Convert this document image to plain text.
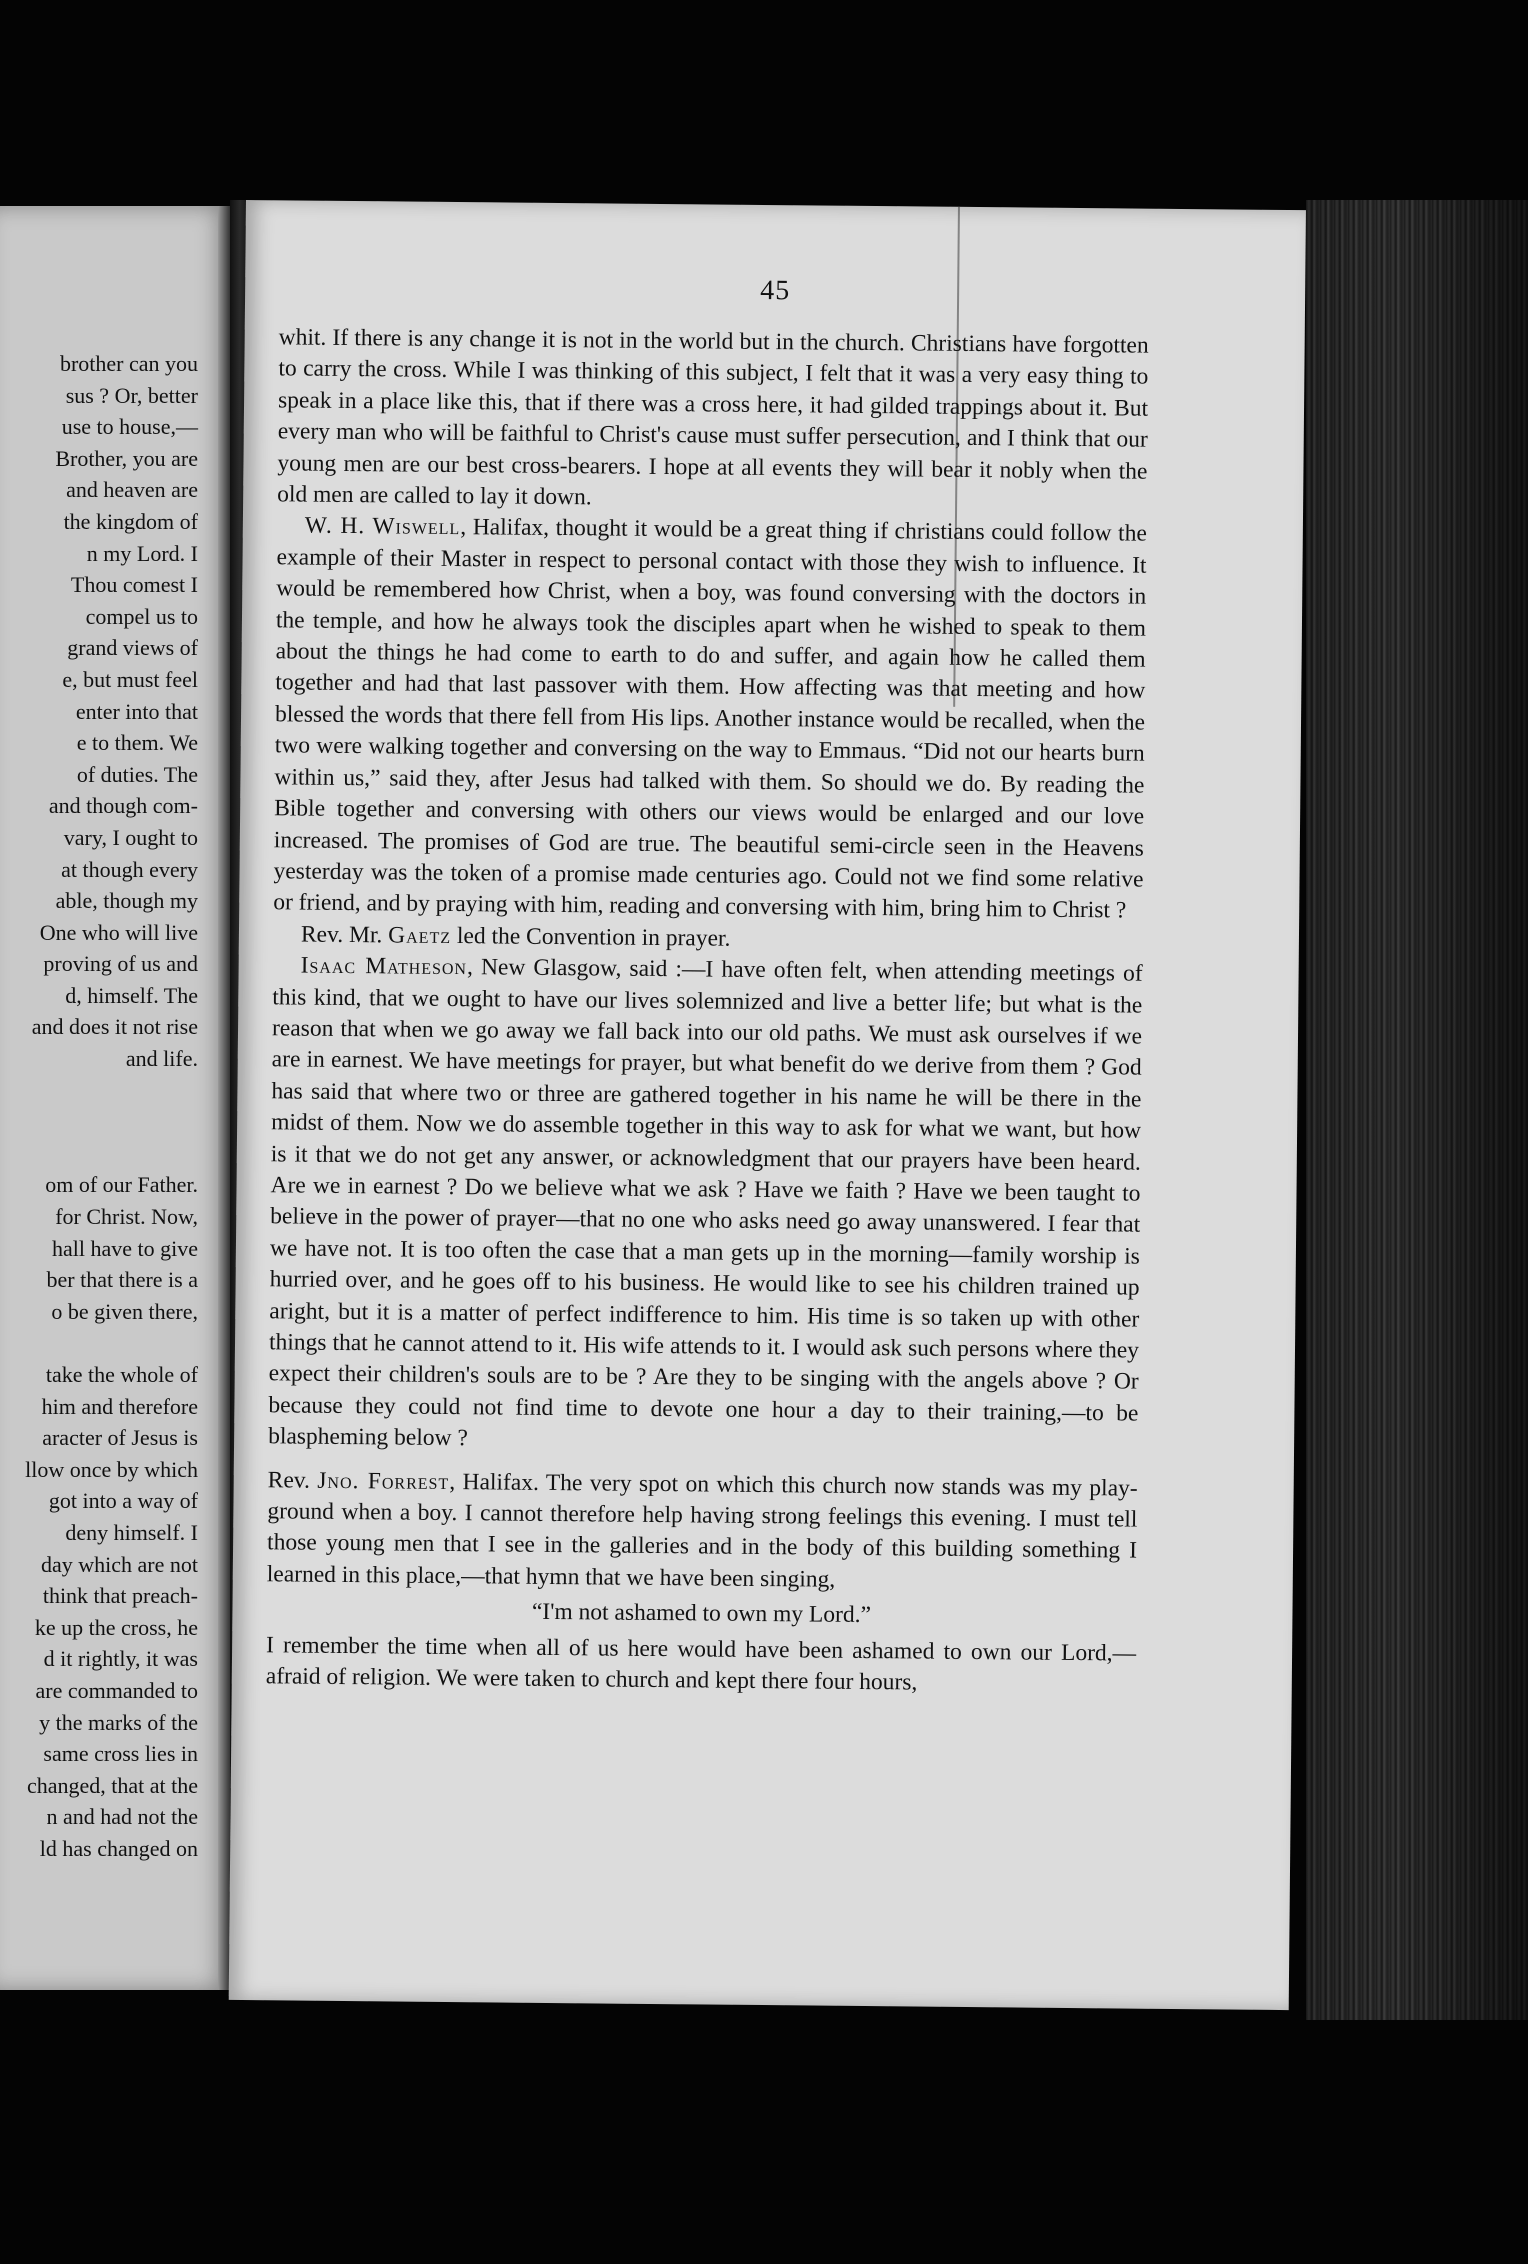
brother can you
sus ? Or, better
use to house,—
Brother, you are
and heaven are
the kingdom of
n my Lord. I
Thou comest I
compel us to
grand views of
e, but must feel
enter into that
e to them. We
of duties. The
and though com-
vary, I ought to
at though every
able, though my
One who will live
proving of us and
d, himself. The
and does it not rise
and life.
om of our Father.
for Christ. Now,
hall have to give
ber that there is a
o be given there,
take the whole of
him and therefore
aracter of Jesus is
llow once by which
got into a way of
deny himself. I
day which are not
think that preach-
ke up the cross, he
d it rightly, it was
are commanded to
y the marks of the
same cross lies in
changed, that at the
n and had not the
ld has changed on
45

whit. If there is any change it is not in the world but in the church. Christians have forgotten to carry the cross. While I was thinking of this subject, I felt that it was a very easy thing to speak in a place like this, that if there was a cross here, it had gilded trappings about it. But every man who will be faithful to Christ's cause must suffer persecution, and I think that our young men are our best cross-bearers. I hope at all events they will bear it nobly when the old men are called to lay it down.

W. H. Wiswell, Halifax, thought it would be a great thing if christians could follow the example of their Master in respect to personal contact with those they wish to influence. It would be remembered how Christ, when a boy, was found conversing with the doctors in the temple, and how he always took the disciples apart when he wished to speak to them about the things he had come to earth to do and suffer, and again how he called them together and had that last passover with them. How affecting was that meeting and how blessed the words that there fell from His lips. Another instance would be recalled, when the two were walking together and conversing on the way to Emmaus. “Did not our hearts burn within us,” said they, after Jesus had talked with them. So should we do. By reading the Bible together and conversing with others our views would be enlarged and our love increased. The promises of God are true. The beautiful semi-circle seen in the Heavens yesterday was the token of a promise made centuries ago. Could not we find some relative or friend, and by praying with him, reading and conversing with him, bring him to Christ ?

Rev. Mr. Gaetz led the Convention in prayer.

Isaac Matheson, New Glasgow, said :—I have often felt, when attending meetings of this kind, that we ought to have our lives solemnized and live a better life; but what is the reason that when we go away we fall back into our old paths. We must ask ourselves if we are in earnest. We have meetings for prayer, but what benefit do we derive from them ? God has said that where two or three are gathered together in his name he will be there in the midst of them. Now we do assemble together in this way to ask for what we want, but how is it that we do not get any answer, or acknowledgment that our prayers have been heard. Are we in earnest ? Do we believe what we ask ? Have we faith ? Have we been taught to believe in the power of prayer—that no one who asks need go away unanswered. I fear that we have not. It is too often the case that a man gets up in the morning—family worship is hurried over, and he goes off to his business. He would like to see his children trained up aright, but it is a matter of perfect indifference to him. His time is so taken up with other things that he cannot attend to it. His wife attends to it. I would ask such persons where they expect their children's souls are to be ? Are they to be singing with the angels above ? Or because they could not find time to devote one hour a day to their training,—to be blaspheming below ?

Rev. Jno. Forrest, Halifax. The very spot on which this church now stands was my play-ground when a boy. I cannot therefore help having strong feelings this evening. I must tell those young men that I see in the galleries and in the body of this building something I learned in this place,—that hymn that we have been singing,

“I'm not ashamed to own my Lord.”

I remember the time when all of us here would have been ashamed to own our Lord,—afraid of religion. We were taken to church and kept there four hours,
